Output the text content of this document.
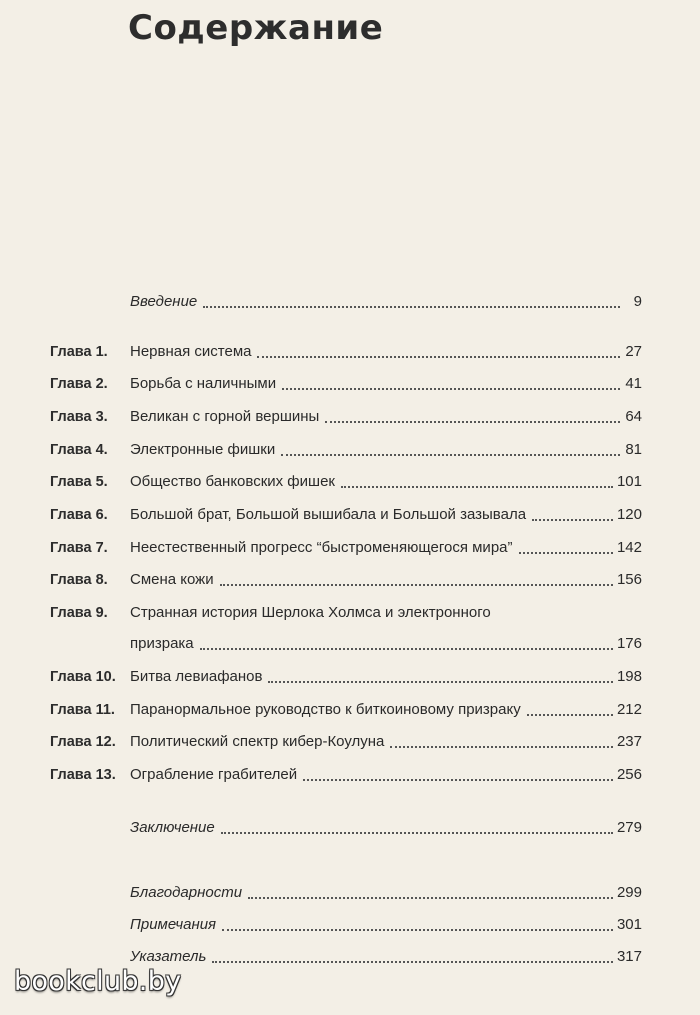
Содержание
Введение	9
Глава 1. Нервная система	27
Глава 2. Борьба с наличными	41
Глава 3. Великан с горной вершины	64
Глава 4. Электронные фишки	81
Глава 5. Общество банковских фишек	101
Глава 6. Большой брат, Большой вышибала и Большой зазывала	120
Глава 7. Неестественный прогресс “быстроменяющегося мира”	142
Глава 8. Смена кожи	156
Глава 9. Странная история Шерлока Холмса и электронного
призрака	176
Глава 10. Битва левиафанов	198
Глава 11. Паранормальное руководство к биткоиновому призраку	212
Глава 12. Политический спектр кибер-Коулуна	237
Глава 13. Ограбление грабителей	256
Заключение	279
Благодарности	299
Примечания	301
Указатель	317
bookclub.by
